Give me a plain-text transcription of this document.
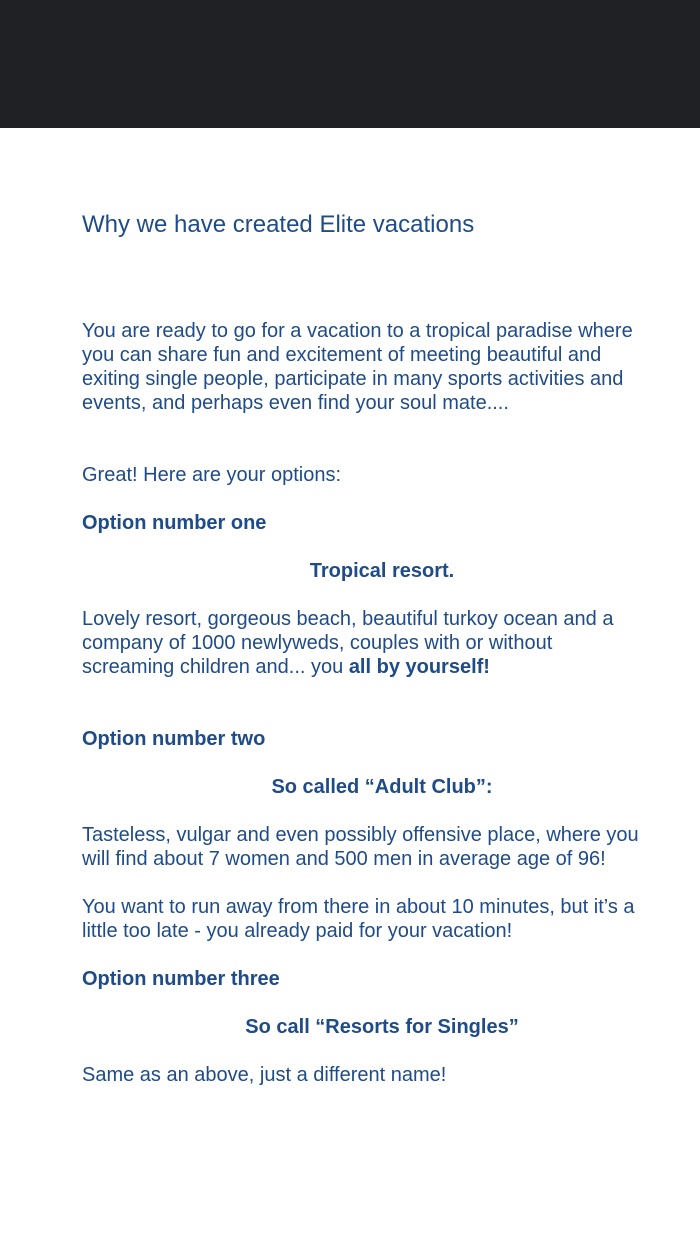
Why we have created Elite vacations

You are ready to go for a vacation to a tropical paradise where you can share fun and excitement of meeting beautiful and exiting single people, participate in many sports activities and events, and perhaps even find your soul mate....

Great! Here are your options:

Option number one

Tropical resort.

Lovely resort, gorgeous beach, beautiful turkoy ocean and a company of 1000 newlyweds, couples with or without screaming children and... you all by yourself!

Option number two

So called “Adult Club”:

Tasteless, vulgar and even possibly offensive place, where you will find about 7 women and 500 men in average age of 96!

You want to run away from there in about 10 minutes, but it’s a little too late - you already paid for your vacation!

Option number three

So call “Resorts for Singles”

Same as an above, just a different name!
